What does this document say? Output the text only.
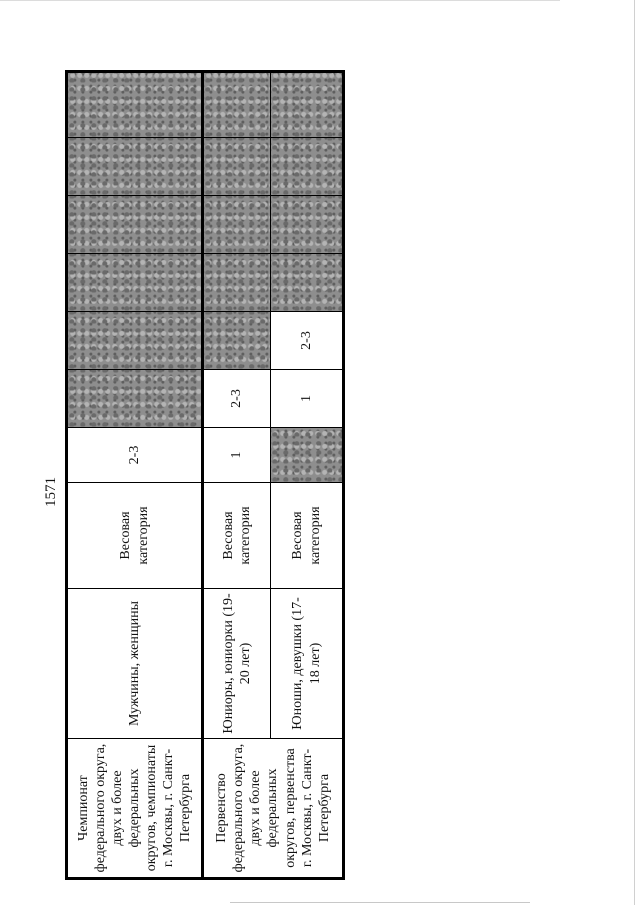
1571
Чемпионат федерального округа, двух и более федеральных округов, чемпионаты г. Москвы, г. Санкт-Петербурга	Мужчины, женщины	Весовая категория	2-3						

Первенство федерального округа, двух и более федеральных округов, первенства г. Москвы, г. Санкт-Петербурга	Юниоры, юниорки (19-20 лет)	Весовая категория	1	2-3					

	Юноши, девушки (17-18 лет)	Весовая категория		1	2-3				
